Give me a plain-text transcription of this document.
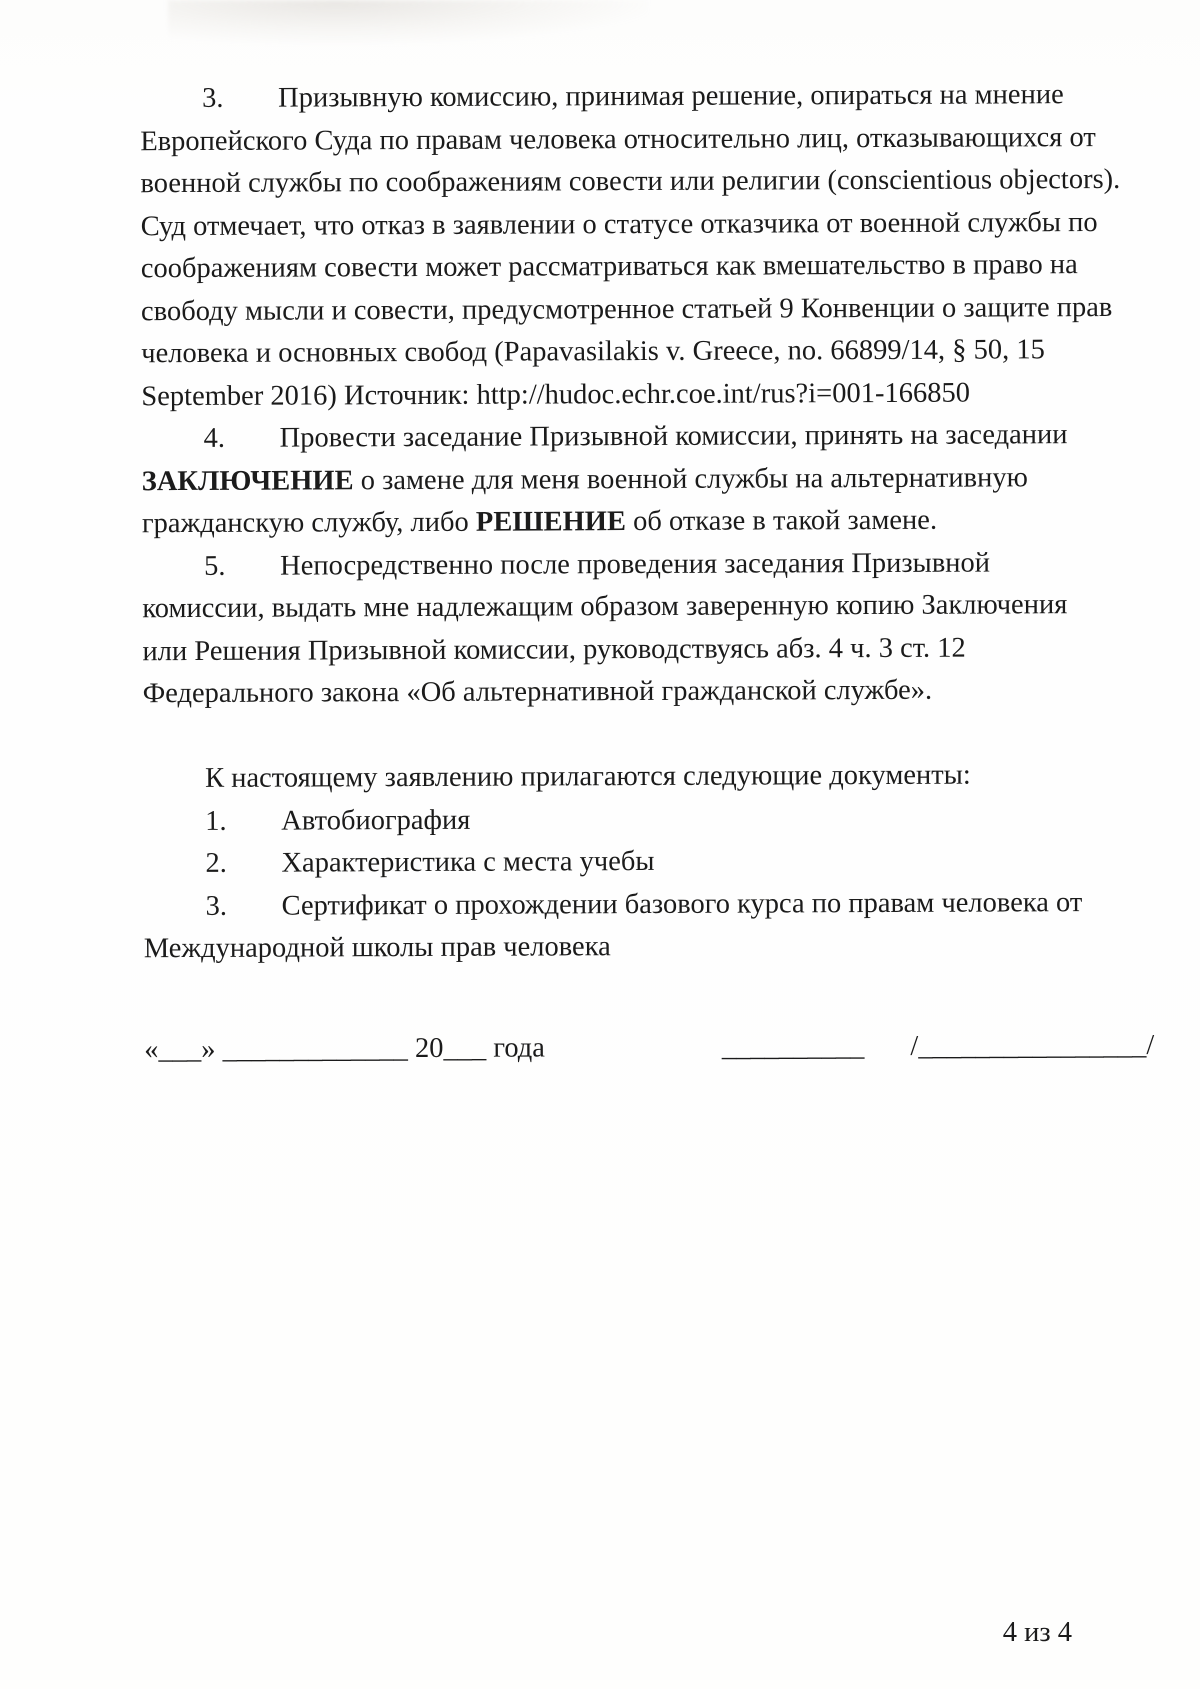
3. Призывную комиссию, принимая решение, опираться на мнение
Европейского Суда по правам человека относительно лиц, отказывающихся от
военной службы по соображениям совести или религии (conscientious objectors).
Суд отмечает, что отказ в заявлении о статусе отказчика от военной службы по
соображениям совести может рассматриваться как вмешательство в право на
свободу мысли и совести, предусмотренное статьей 9 Конвенции о защите прав
человека и основных свобод (Papavasilakis v. Greece, no. 66899/14, § 50, 15
September 2016) Источник: http://hudoc.echr.coe.int/rus?i=001-166850
4. Провести заседание Призывной комиссии, принять на заседании
ЗАКЛЮЧЕНИЕ о замене для меня военной службы на альтернативную
гражданскую службу, либо РЕШЕНИЕ об отказе в такой замене.
5. Непосредственно после проведения заседания Призывной
комиссии, выдать мне надлежащим образом заверенную копию Заключения
или Решения Призывной комиссии, руководствуясь абз. 4 ч. 3 ст. 12
Федерального закона «Об альтернативной гражданской службе».
К настоящему заявлению прилагаются следующие документы:
1. Автобиография
2. Характеристика с места учебы
3. Сертификат о прохождении базового курса по правам человека от
Международной школы прав человека
«___» _____________ 20___ года	__________ /________________/
4 из 4
